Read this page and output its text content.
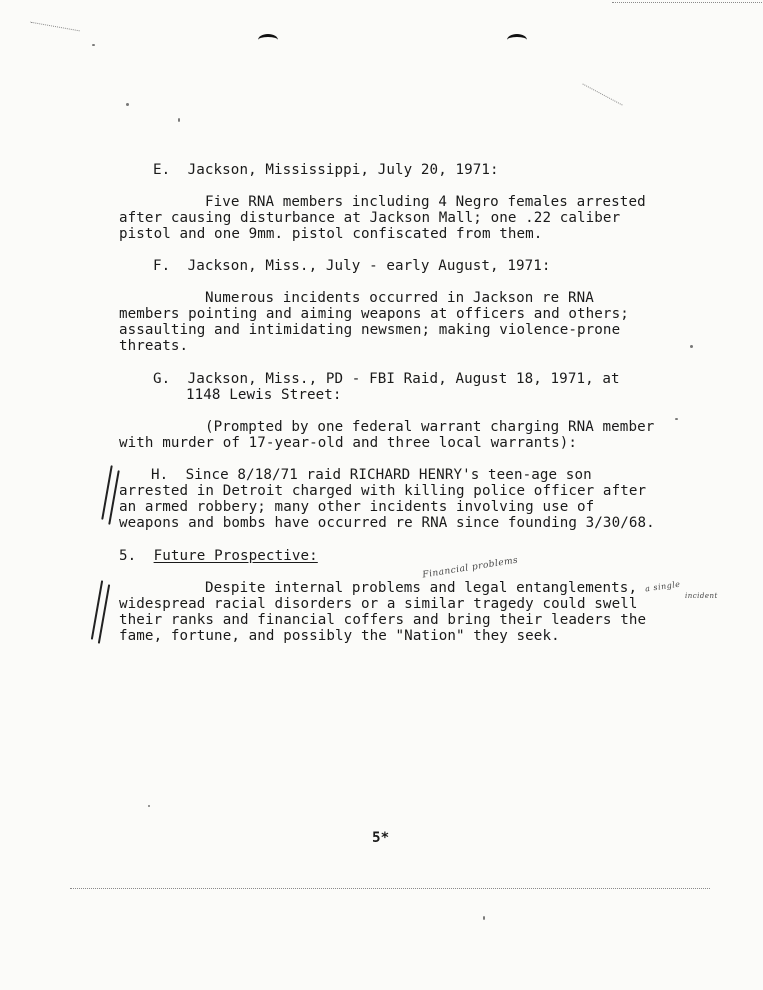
E. Jackson, Mississippi, July 20, 1971:
Five RNA members including 4 Negro females arrested
after causing disturbance at Jackson Mall; one .22 caliber
pistol and one 9mm. pistol confiscated from them.
F. Jackson, Miss., July - early August, 1971:
Numerous incidents occurred in Jackson re RNA
members pointing and aiming weapons at officers and others;
assaulting and intimidating newsmen; making violence-prone
threats.
G. Jackson, Miss., PD - FBI Raid, August 18, 1971, at
1148 Lewis Street:
(Prompted by one federal warrant charging RNA member
with murder of 17-year-old and three local warrants):
H.  Since 8/18/71 raid RICHARD HENRY's teen-age son
arrested in Detroit charged with killing police officer after
an armed robbery; many other incidents involving use of
weapons and bombs have occurred re RNA since founding 3/30/68.
5. Future Prospective:	Financial problems
a single
incident
Despite internal problems and legal entanglements,
widespread racial disorders or a similar tragedy could swell
their ranks and financial coffers and bring their leaders the
fame, fortune, and possibly the "Nation" they seek.
5*
